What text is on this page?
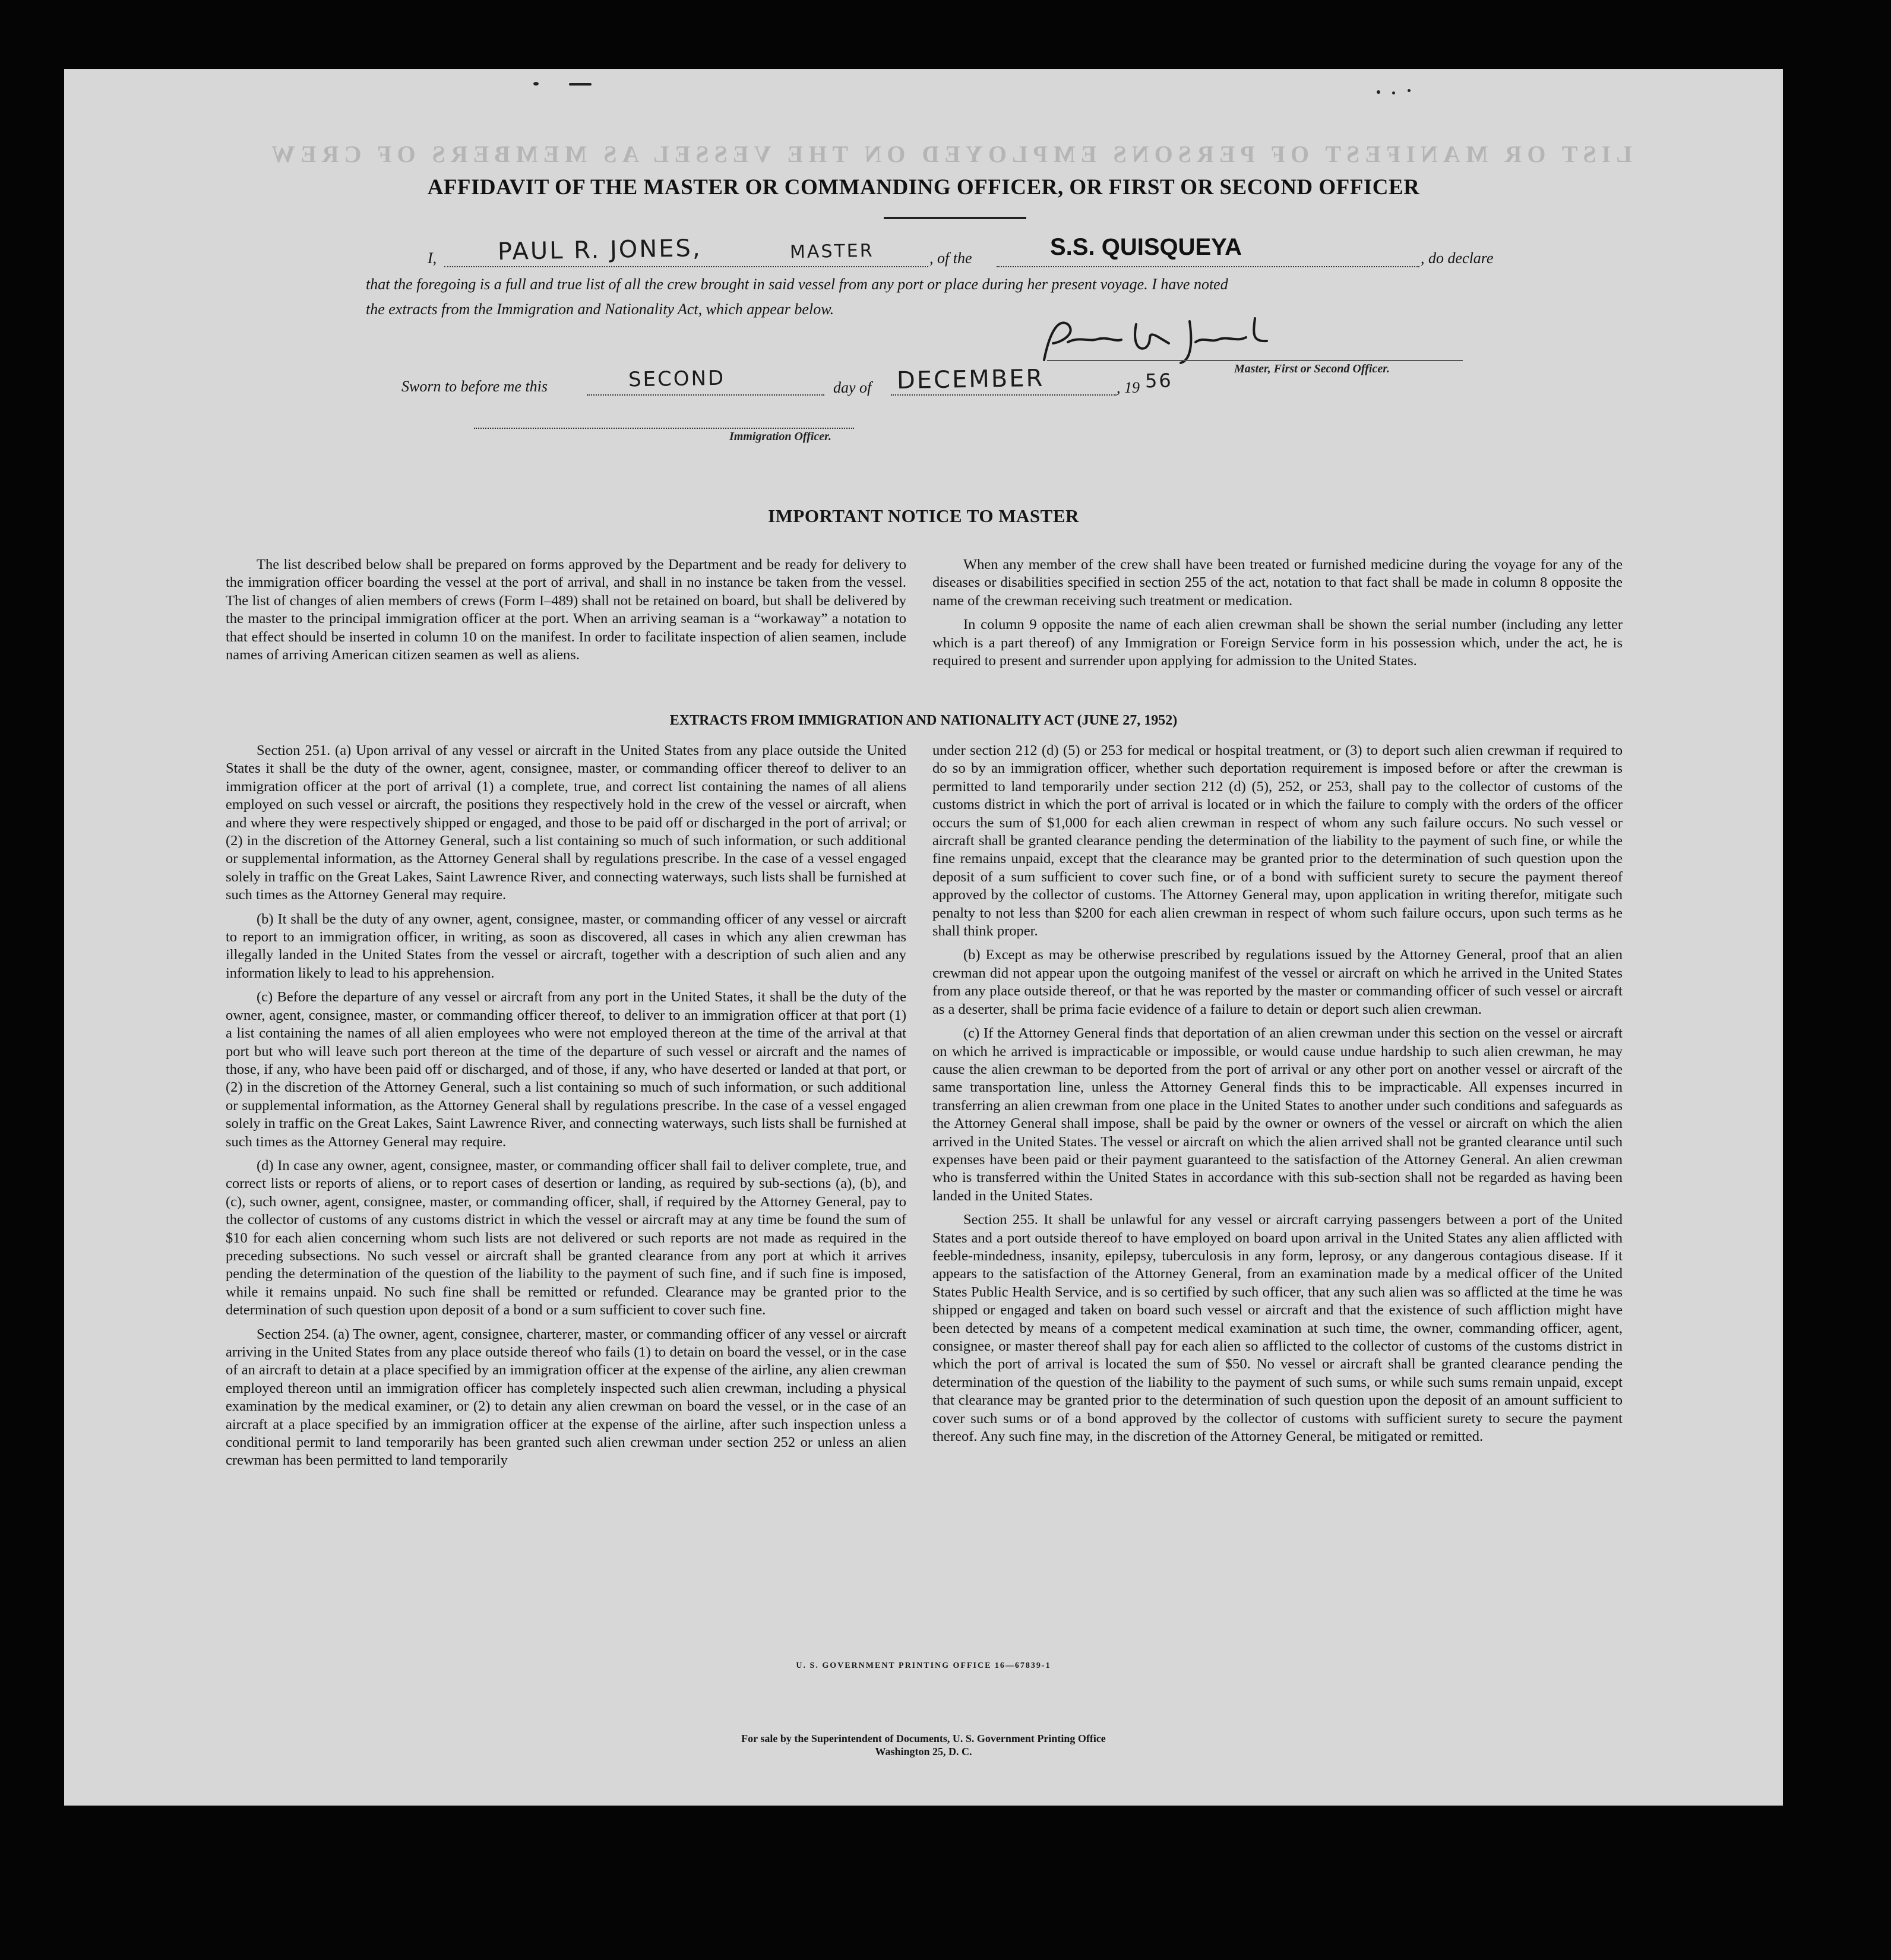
LIST OR MANIFEST OF PERSONS EMPLOYED ON THE VESSEL AS MEMBERS OF CREW
AFFIDAVIT OF THE MASTER OR COMMANDING OFFICER, OR FIRST OR SECOND OFFICER
I,	PAUL R. JONES,	MASTER	, of the	S.S. QUISQUEYA	, do declare
that the foregoing is a full and true list of all the crew brought in said vessel from any port or place during her present voyage. I have noted
the extracts from the Immigration and Nationality Act, which appear below.
Master, First or Second Officer.
Sworn to before me this	SECOND	day of DECEMBER	, 19 56
Immigration Officer.
IMPORTANT NOTICE TO MASTER

The list described below shall be prepared on forms approved by the Department and be ready for delivery to the immigration officer boarding the vessel at the port of arrival, and shall in no instance be taken from the vessel. The list of changes of alien members of crews (Form I–489) shall not be retained on board, but shall be delivered by the master to the principal immigration officer at the port. When an arriving seaman is a “workaway” a notation to that effect should be inserted in column 10 on the manifest. In order to facilitate inspection of alien seamen, include names of arriving American citizen seamen as well as aliens.

When any member of the crew shall have been treated or furnished medicine during the voyage for any of the diseases or disabilities specified in section 255 of the act, notation to that fact shall be made in column 8 opposite the name of the crewman receiving such treatment or medication.

In column 9 opposite the name of each alien crewman shall be shown the serial number (including any letter which is a part thereof) of any Immigration or Foreign Service form in his possession which, under the act, he is required to present and surrender upon applying for admission to the United States.

EXTRACTS FROM IMMIGRATION AND NATIONALITY ACT (JUNE 27, 1952)

Section 251. (a) Upon arrival of any vessel or aircraft in the United States from any place outside the United States it shall be the duty of the owner, agent, consignee, master, or commanding officer thereof to deliver to an immigration officer at the port of arrival (1) a complete, true, and correct list containing the names of all aliens employed on such vessel or aircraft, the positions they respectively hold in the crew of the vessel or aircraft, when and where they were respectively shipped or engaged, and those to be paid off or discharged in the port of arrival; or (2) in the discretion of the Attorney General, such a list containing so much of such information, or such additional or supplemental information, as the Attorney General shall by regulations prescribe. In the case of a vessel engaged solely in traffic on the Great Lakes, Saint Lawrence River, and connecting waterways, such lists shall be furnished at such times as the Attorney General may require.

(b) It shall be the duty of any owner, agent, consignee, master, or commanding officer of any vessel or aircraft to report to an immigration officer, in writing, as soon as discovered, all cases in which any alien crewman has illegally landed in the United States from the vessel or aircraft, together with a description of such alien and any information likely to lead to his apprehension.

(c) Before the departure of any vessel or aircraft from any port in the United States, it shall be the duty of the owner, agent, consignee, master, or commanding officer thereof, to deliver to an immigration officer at that port (1) a list containing the names of all alien employees who were not employed thereon at the time of the arrival at that port but who will leave such port thereon at the time of the departure of such vessel or aircraft and the names of those, if any, who have been paid off or discharged, and of those, if any, who have deserted or landed at that port, or (2) in the discretion of the Attorney General, such a list containing so much of such information, or such additional or supplemental information, as the Attorney General shall by regulations prescribe. In the case of a vessel engaged solely in traffic on the Great Lakes, Saint Lawrence River, and connecting waterways, such lists shall be furnished at such times as the Attorney General may require.

(d) In case any owner, agent, consignee, master, or commanding officer shall fail to deliver complete, true, and correct lists or reports of aliens, or to report cases of desertion or landing, as required by sub-sections (a), (b), and (c), such owner, agent, consignee, master, or commanding officer, shall, if required by the Attorney General, pay to the collector of customs of any customs district in which the vessel or aircraft may at any time be found the sum of $10 for each alien concerning whom such lists are not delivered or such reports are not made as required in the preceding subsections. No such vessel or aircraft shall be granted clearance from any port at which it arrives pending the determination of the question of the liability to the payment of such fine, and if such fine is imposed, while it remains unpaid. No such fine shall be remitted or refunded. Clearance may be granted prior to the determination of such question upon deposit of a bond or a sum sufficient to cover such fine.

Section 254. (a) The owner, agent, consignee, charterer, master, or commanding officer of any vessel or aircraft arriving in the United States from any place outside thereof who fails (1) to detain on board the vessel, or in the case of an aircraft to detain at a place specified by an immigration officer at the expense of the airline, any alien crewman employed thereon until an immigration officer has completely inspected such alien crewman, including a physical examination by the medical examiner, or (2) to detain any alien crewman on board the vessel, or in the case of an aircraft at a place specified by an immigration officer at the expense of the airline, after such inspection unless a conditional permit to land temporarily has been granted such alien crewman under section 252 or unless an alien crewman has been permitted to land temporarily

under section 212 (d) (5) or 253 for medical or hospital treatment, or (3) to deport such alien crewman if required to do so by an immigration officer, whether such deportation requirement is imposed before or after the crewman is permitted to land temporarily under section 212 (d) (5), 252, or 253, shall pay to the collector of customs of the customs district in which the port of arrival is located or in which the failure to comply with the orders of the officer occurs the sum of $1,000 for each alien crewman in respect of whom any such failure occurs. No such vessel or aircraft shall be granted clearance pending the determination of the liability to the payment of such fine, or while the fine remains unpaid, except that the clearance may be granted prior to the determination of such question upon the deposit of a sum sufficient to cover such fine, or of a bond with sufficient surety to secure the payment thereof approved by the collector of customs. The Attorney General may, upon application in writing therefor, mitigate such penalty to not less than $200 for each alien crewman in respect of whom such failure occurs, upon such terms as he shall think proper.

(b) Except as may be otherwise prescribed by regulations issued by the Attorney General, proof that an alien crewman did not appear upon the outgoing manifest of the vessel or aircraft on which he arrived in the United States from any place outside thereof, or that he was reported by the master or commanding officer of such vessel or aircraft as a deserter, shall be prima facie evidence of a failure to detain or deport such alien crewman.

(c) If the Attorney General finds that deportation of an alien crewman under this section on the vessel or aircraft on which he arrived is impracticable or impossible, or would cause undue hardship to such alien crewman, he may cause the alien crewman to be deported from the port of arrival or any other port on another vessel or aircraft of the same transportation line, unless the Attorney General finds this to be impracticable. All expenses incurred in transferring an alien crewman from one place in the United States to another under such conditions and safeguards as the Attorney General shall impose, shall be paid by the owner or owners of the vessel or aircraft on which the alien arrived in the United States. The vessel or aircraft on which the alien arrived shall not be granted clearance until such expenses have been paid or their payment guaranteed to the satisfaction of the Attorney General. An alien crewman who is transferred within the United States in accordance with this sub-section shall not be regarded as having been landed in the United States.

Section 255. It shall be unlawful for any vessel or aircraft carrying passengers between a port of the United States and a port outside thereof to have employed on board upon arrival in the United States any alien afflicted with feeble-mindedness, insanity, epilepsy, tuberculosis in any form, leprosy, or any dangerous contagious disease. If it appears to the satisfaction of the Attorney General, from an examination made by a medical officer of the United States Public Health Service, and is so certified by such officer, that any such alien was so afflicted at the time he was shipped or engaged and taken on board such vessel or aircraft and that the existence of such affliction might have been detected by means of a competent medical examination at such time, the owner, commanding officer, agent, consignee, or master thereof shall pay for each alien so afflicted to the collector of customs of the customs district in which the port of arrival is located the sum of $50. No vessel or aircraft shall be granted clearance pending the determination of the question of the liability to the payment of such sums, or while such sums remain unpaid, except that clearance may be granted prior to the determination of such question upon the deposit of an amount sufficient to cover such sums or of a bond approved by the collector of customs with sufficient surety to secure the payment thereof. Any such fine may, in the discretion of the Attorney General, be mitigated or remitted.

U. S. GOVERNMENT PRINTING OFFICE 16—67839-1
For sale by the Superintendent of Documents, U. S. Government Printing Office
Washington 25, D. C.
